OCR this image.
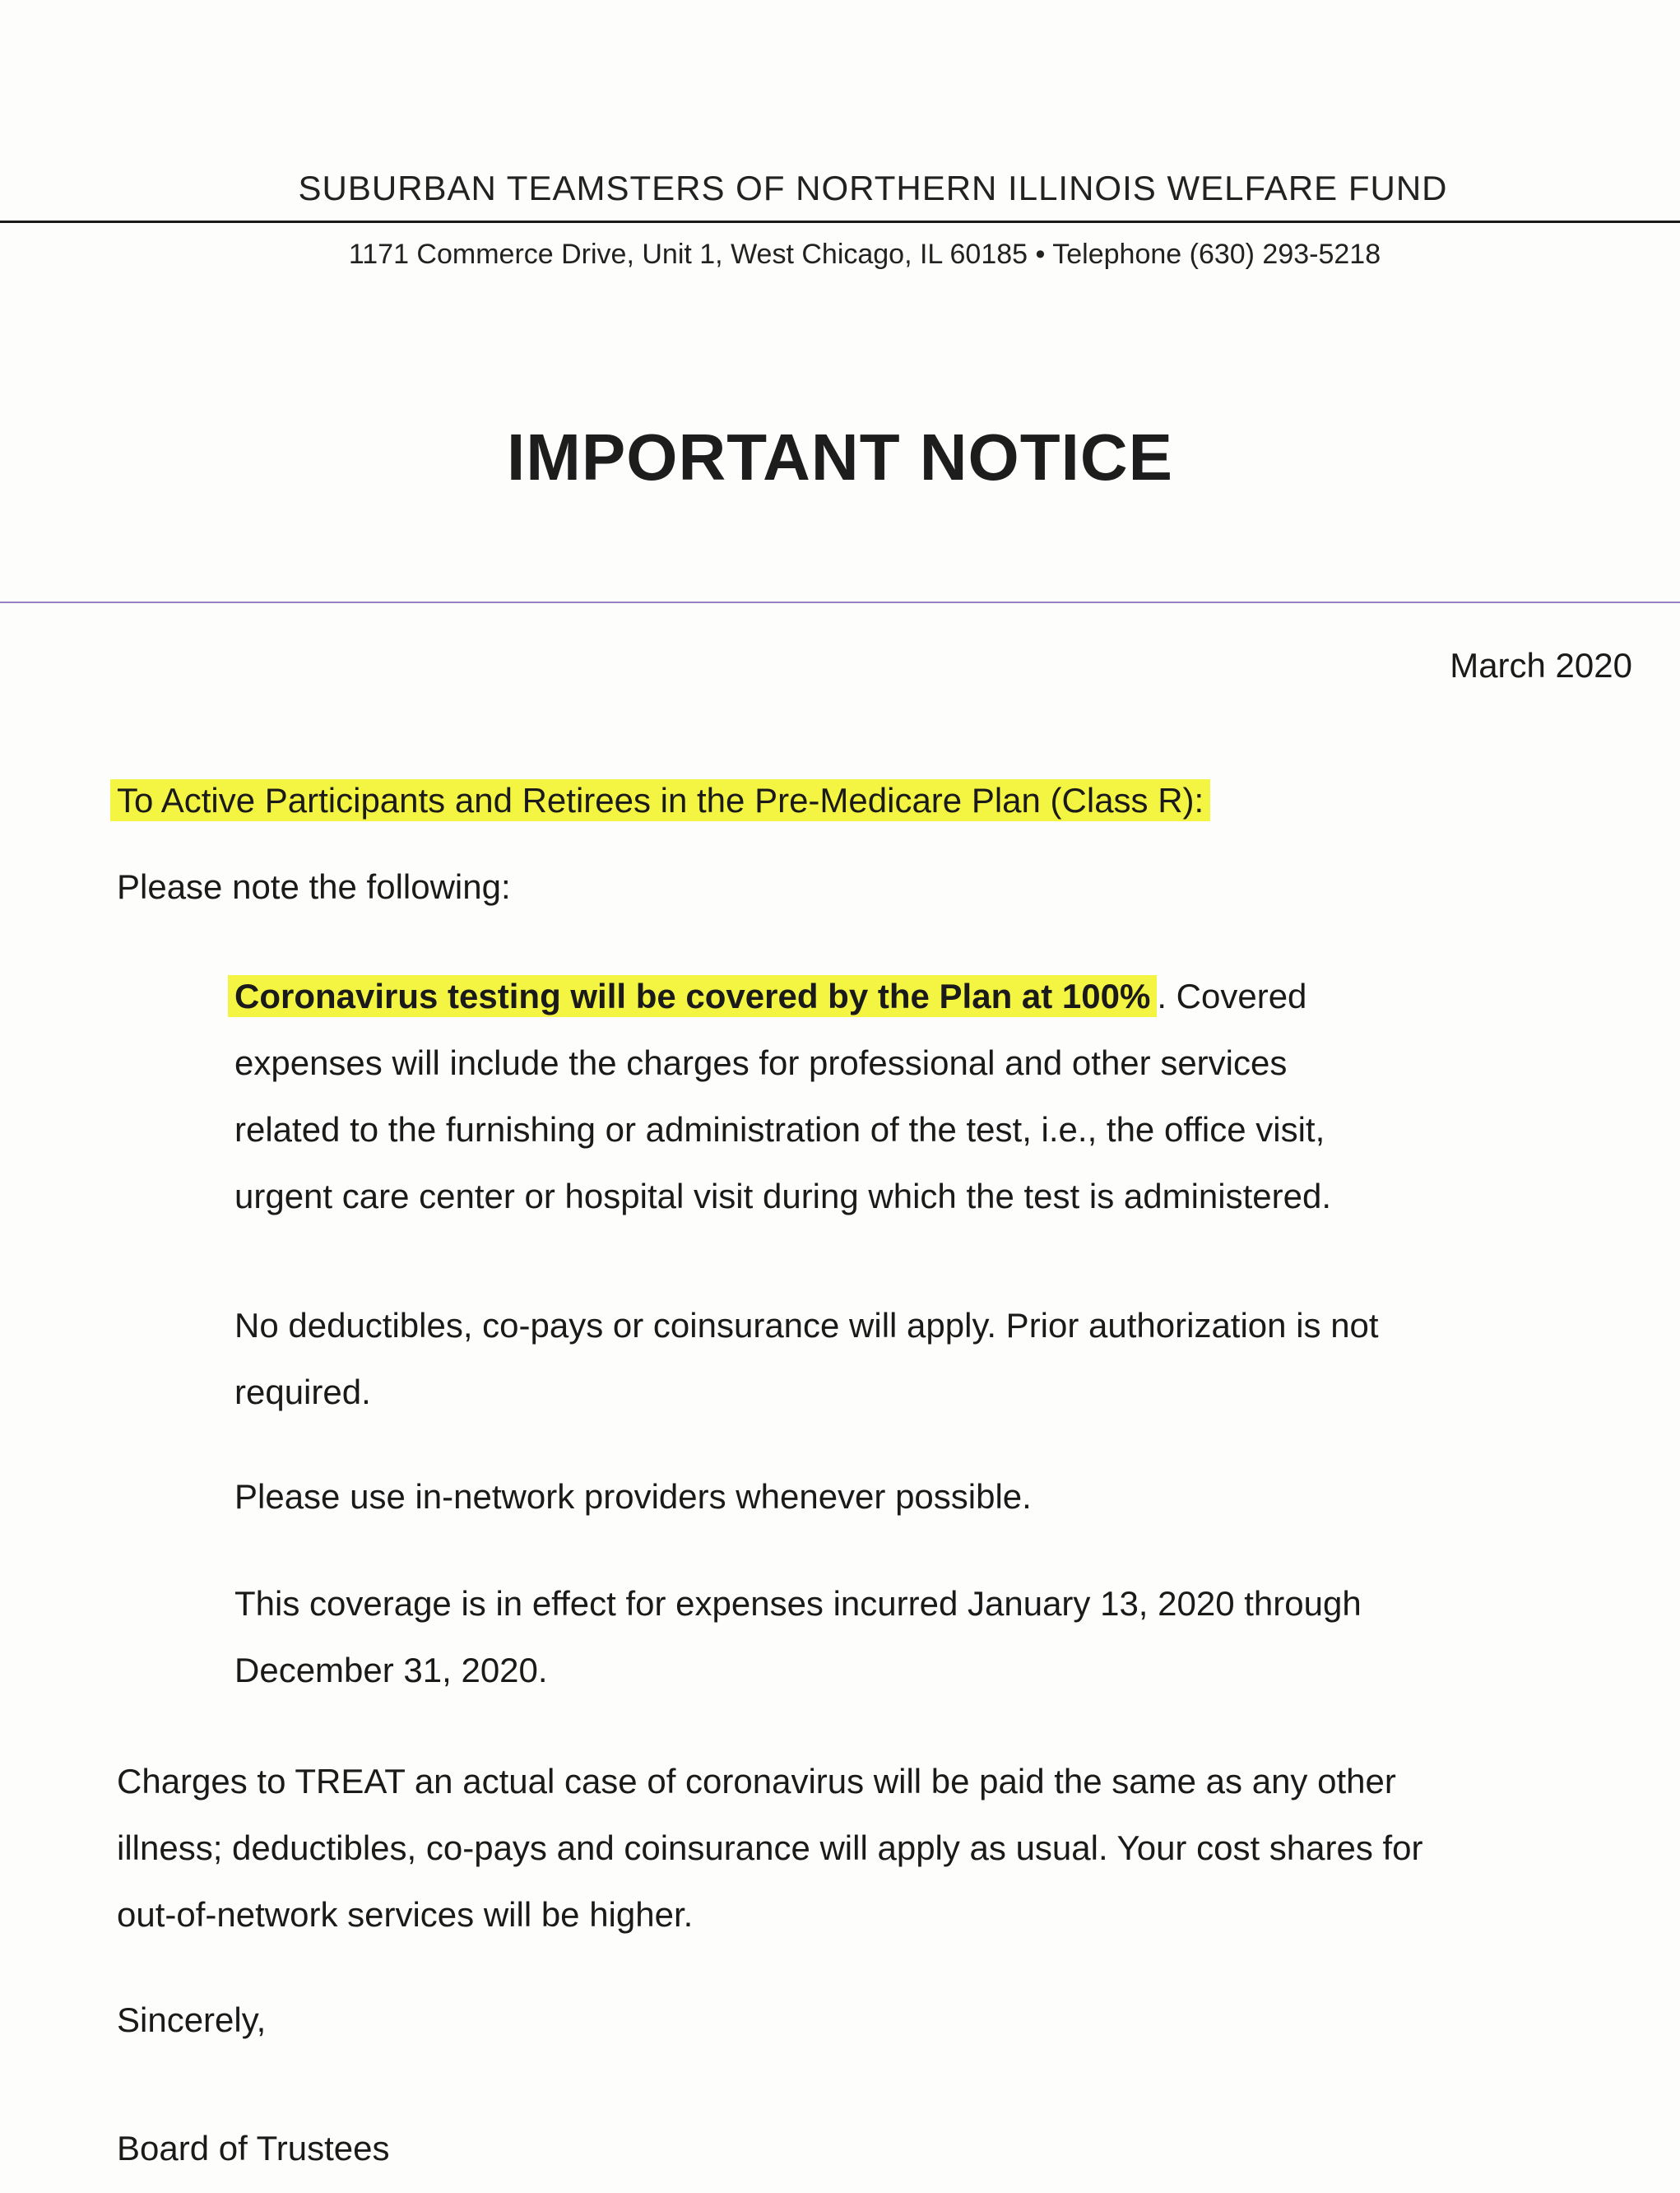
SUBURBAN TEAMSTERS OF NORTHERN ILLINOIS WELFARE FUND
1171 Commerce Drive, Unit 1, West Chicago, IL 60185 • Telephone (630) 293-5218
IMPORTANT NOTICE
March 2020
To Active Participants and Retirees in the Pre-Medicare Plan (Class R):
Please note the following:
Coronavirus testing will be covered by the Plan at 100% . Covered
expenses will include the charges for professional and other services
related to the furnishing or administration of the test, i.e., the office visit,
urgent care center or hospital visit during which the test is administered.
No deductibles, co-pays or coinsurance will apply. Prior authorization is not
required.
Please use in-network providers whenever possible.
This coverage is in effect for expenses incurred January 13, 2020 through
December 31, 2020.
Charges to TREAT an actual case of coronavirus will be paid the same as any other
illness; deductibles, co-pays and coinsurance will apply as usual. Your cost shares for
out-of-network services will be higher.
Sincerely,
Board of Trustees
